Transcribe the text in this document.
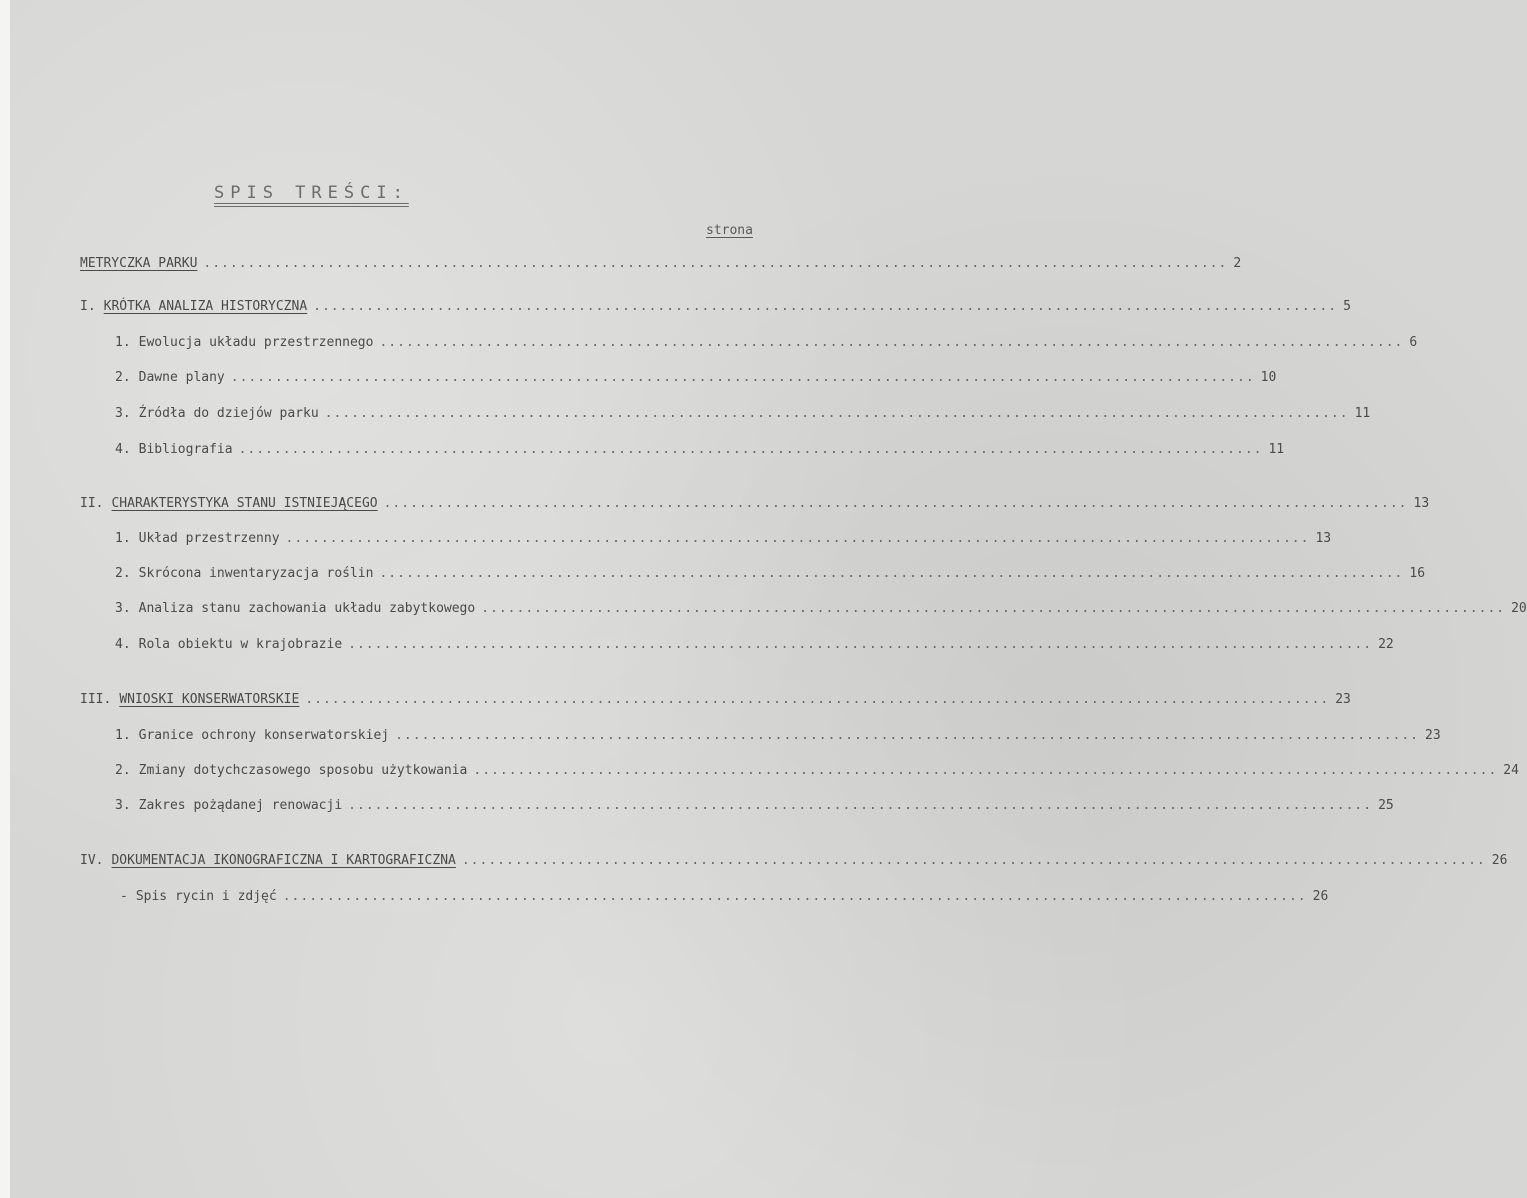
SPIS TREŚCI:
strona
METRYCZKA PARKU .................................................................................................................... 2
I. KRÓTKA ANALIZA HISTORYCZNA .................................................................................................................... 5
1. Ewolucja układu przestrzennego .................................................................................................................... 6
2. Dawne plany .................................................................................................................... 10
3. Źródła do dziejów parku .................................................................................................................... 11
4. Bibliografia .................................................................................................................... 11
II. CHARAKTERYSTYKA STANU ISTNIEJĄCEGO .................................................................................................................... 13
1. Układ przestrzenny .................................................................................................................... 13
2. Skrócona inwentaryzacja roślin .................................................................................................................... 16
3. Analiza stanu zachowania układu zabytkowego .................................................................................................................... 20
4. Rola obiektu w krajobrazie .................................................................................................................... 22
III. WNIOSKI KONSERWATORSKIE .................................................................................................................... 23
1. Granice ochrony konserwatorskiej .................................................................................................................... 23
2. Zmiany dotychczasowego sposobu użytkowania .................................................................................................................... 24
3. Zakres pożądanej renowacji .................................................................................................................... 25
IV. DOKUMENTACJA IKONOGRAFICZNA I KARTOGRAFICZNA .................................................................................................................... 26
- Spis rycin i zdjęć .................................................................................................................... 26
